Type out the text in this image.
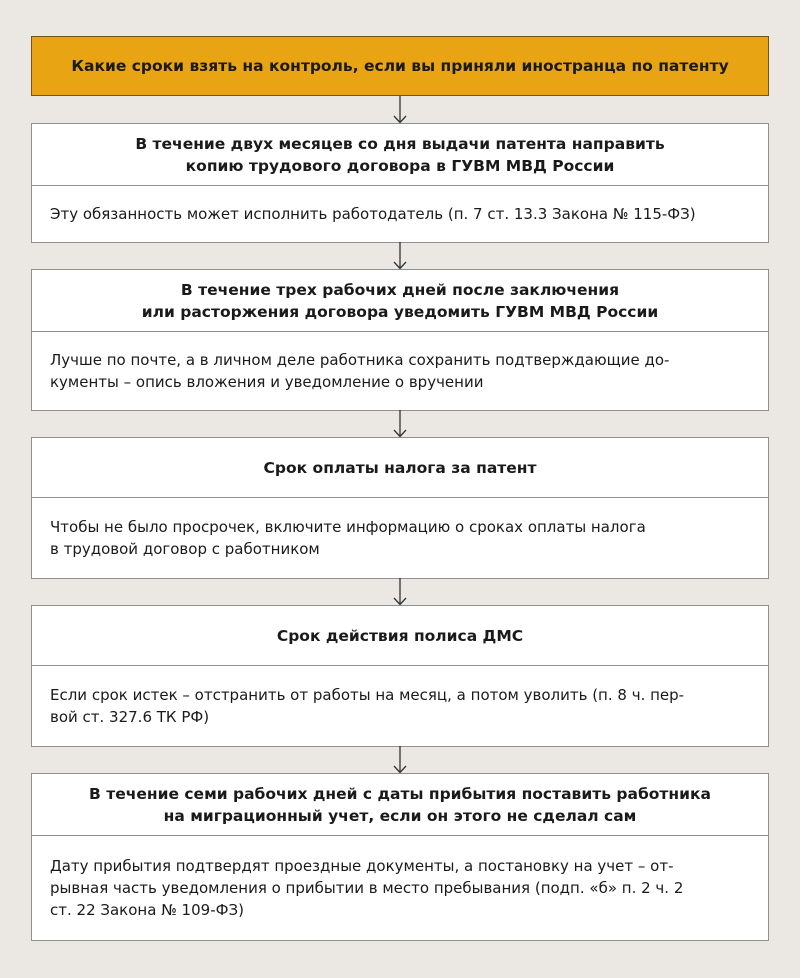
Какие сроки взять на контроль, если вы приняли иностранца по патенту
В течение двух месяцев со дня выдачи патента направить
копию трудового договора в ГУВМ МВД России
Эту обязанность может исполнить работодатель (п. 7 ст. 13.3 Закона № 115-ФЗ)
В течение трех рабочих дней после заключения
или расторжения договора уведомить ГУВМ МВД России
Лучше по почте, а в личном деле работника сохранить подтверждающие до-
кументы – опись вложения и уведомление о вручении
Срок оплаты налога за патент
Чтобы не было просрочек, включите информацию о сроках оплаты налога
в трудовой договор с работником
Срок действия полиса ДМС
Если срок истек – отстранить от работы на месяц, а потом уволить (п. 8 ч. пер-
вой ст. 327.6 ТК РФ)
В течение семи рабочих дней с даты прибытия поставить работника
на миграционный учет, если он этого не сделал сам
Дату прибытия подтвердят проездные документы, а постановку на учет – от-
рывная часть уведомления о прибытии в место пребывания (подп. «б» п. 2 ч. 2
ст. 22 Закона № 109-ФЗ)
